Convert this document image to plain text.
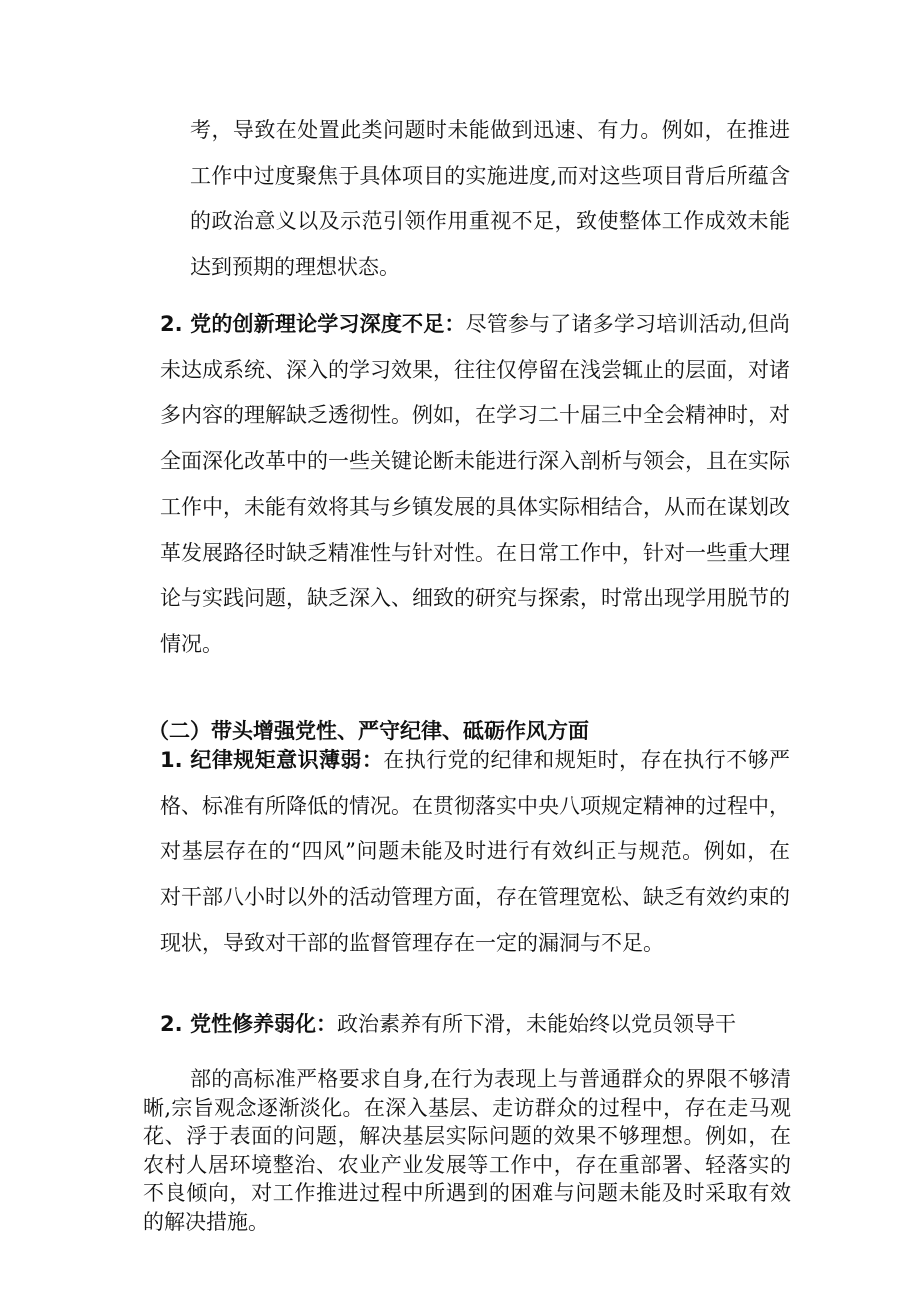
考，导致在处置此类问题时未能做到迅速、有力。例如，在推进工作中过度聚焦于具体项目的实施进度,而对这些项目背后所蕴含的政治意义以及示范引领作用重视不足，致使整体工作成效未能达到预期的理想状态。
2. 党的创新理论学习深度不足：尽管参与了诸多学习培训活动,但尚未达成系统、深入的学习效果，往往仅停留在浅尝辄止的层面，对诸多内容的理解缺乏透彻性。例如，在学习二十届三中全会精神时，对全面深化改革中的一些关键论断未能进行深入剖析与领会，且在实际工作中，未能有效将其与乡镇发展的具体实际相结合，从而在谋划改革发展路径时缺乏精准性与针对性。在日常工作中，针对一些重大理论与实践问题，缺乏深入、细致的研究与探索，时常出现学用脱节的情况。
（二）带头增强党性、严守纪律、砥砺作风方面
1. 纪律规矩意识薄弱：在执行党的纪律和规矩时，存在执行不够严格、标准有所降低的情况。在贯彻落实中央八项规定精神的过程中，对基层存在的“四风”问题未能及时进行有效纠正与规范。例如，在对干部八小时以外的活动管理方面，存在管理宽松、缺乏有效约束的现状，导致对干部的监督管理存在一定的漏洞与不足。
2. 党性修养弱化：政治素养有所下滑，未能始终以党员领导干
部的高标准严格要求自身,在行为表现上与普通群众的界限不够清晰,宗旨观念逐渐淡化。在深入基层、走访群众的过程中，存在走马观花、浮于表面的问题，解决基层实际问题的效果不够理想。例如，在农村人居环境整治、农业产业发展等工作中，存在重部署、轻落实的不良倾向，对工作推进过程中所遇到的困难与问题未能及时采取有效的解决措施。
